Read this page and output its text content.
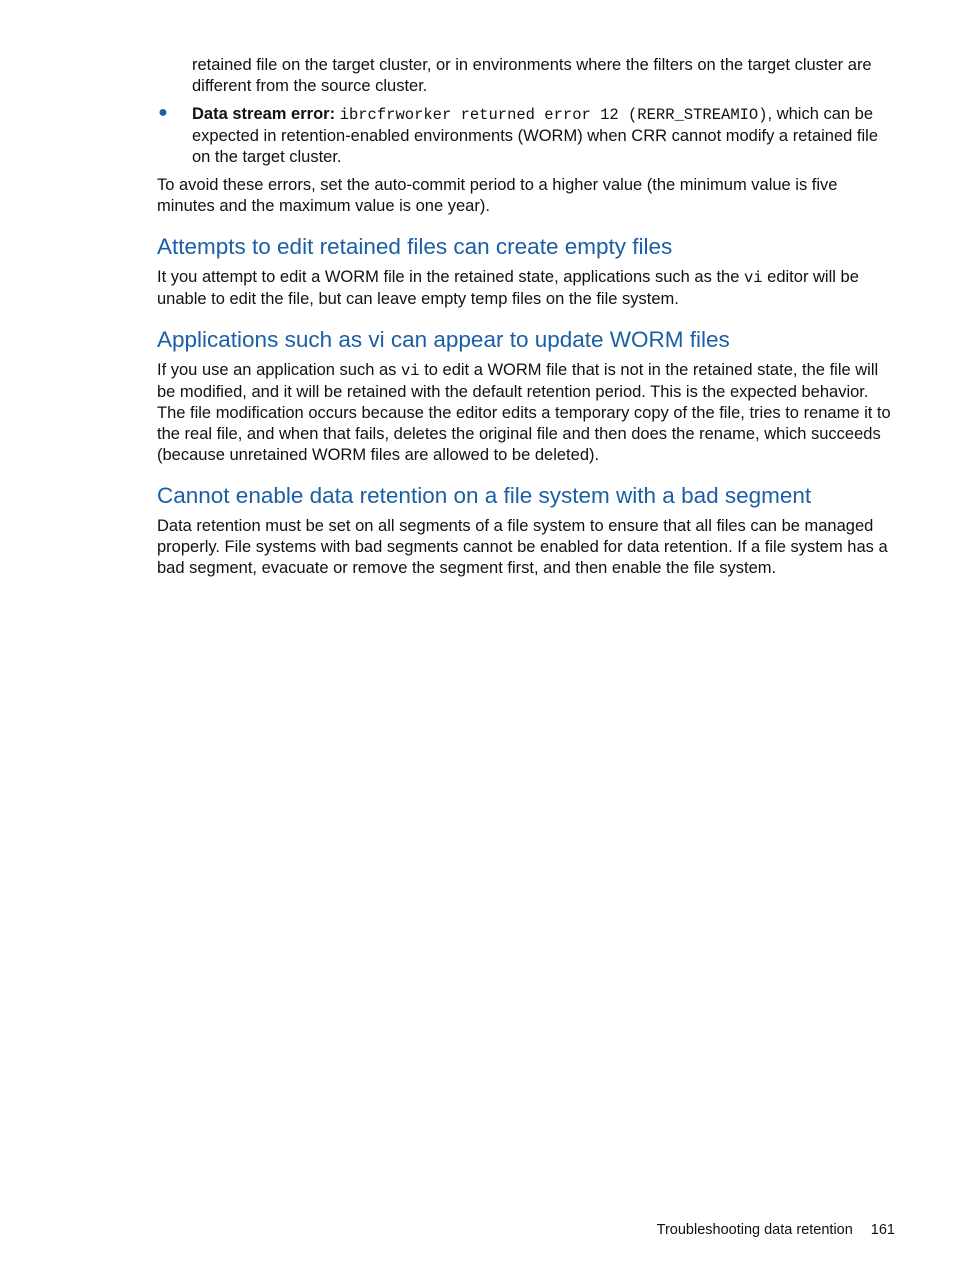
retained file on the target cluster, or in environments where the filters on the target cluster are different from the source cluster.

● Data stream error: ibrcfrworker returned error 12 (RERR_STREAMIO), which can be expected in retention-enabled environments (WORM) when CRR cannot modify a retained file on the target cluster.

To avoid these errors, set the auto-commit period to a higher value (the minimum value is five minutes and the maximum value is one year).

Attempts to edit retained files can create empty files

It you attempt to edit a WORM file in the retained state, applications such as the vi editor will be unable to edit the file, but can leave empty temp files on the file system.

Applications such as vi can appear to update WORM files

If you use an application such as vi to edit a WORM file that is not in the retained state, the file will be modified, and it will be retained with the default retention period. This is the expected behavior. The file modification occurs because the editor edits a temporary copy of the file, tries to rename it to the real file, and when that fails, deletes the original file and then does the rename, which succeeds (because unretained WORM files are allowed to be deleted).

Cannot enable data retention on a file system with a bad segment

Data retention must be set on all segments of a file system to ensure that all files can be managed properly. File systems with bad segments cannot be enabled for data retention. If a file system has a bad segment, evacuate or remove the segment first, and then enable the file system.

Troubleshooting data retention 161
